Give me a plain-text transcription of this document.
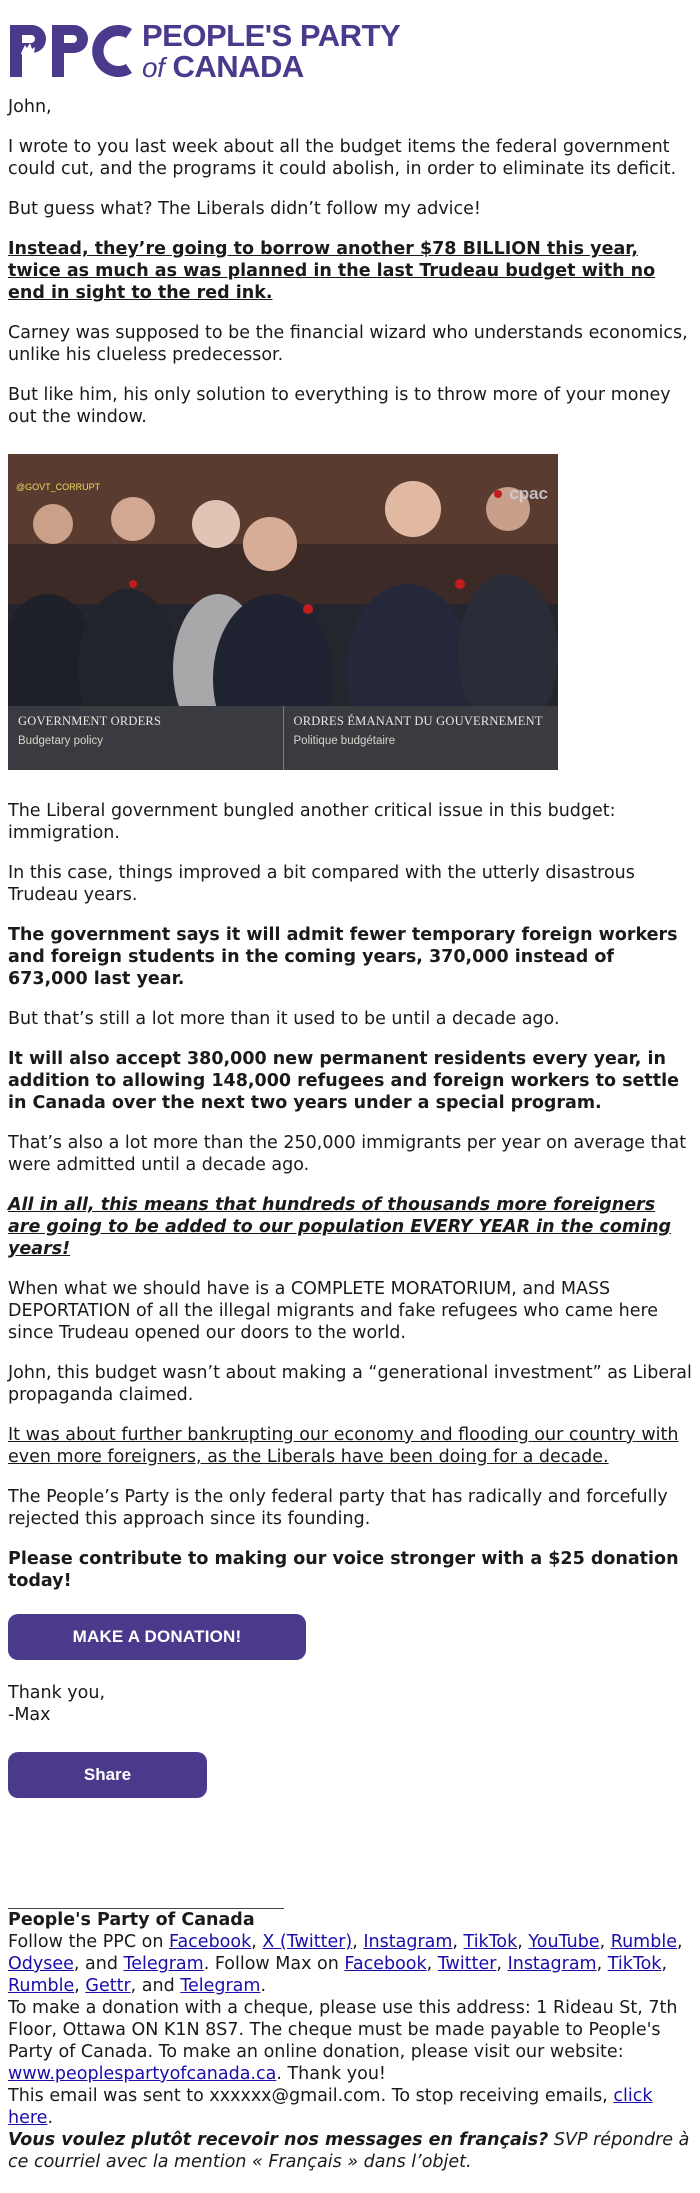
PEOPLE'S PARTY
of CANADA

John,

I wrote to you last week about all the budget items the federal government could cut, and the programs it could abolish, in order to eliminate its deficit.

But guess what? The Liberals didn’t follow my advice!

Instead, they’re going to borrow another $78 BILLION this year, twice as much as was planned in the last Trudeau budget with no end in sight to the red ink.

Carney was supposed to be the financial wizard who understands economics, unlike his clueless predecessor.

But like him, his only solution to everything is to throw more of your money out the window.

@GOVT_CORRUPT	cpac
GOVERNMENT ORDERS
Budgetary policy
ORDRES ÉMANANT DU GOUVERNEMENT
Politique budgétaire

The Liberal government bungled another critical issue in this budget: immigration.

In this case, things improved a bit compared with the utterly disastrous Trudeau years.

The government says it will admit fewer temporary foreign workers and foreign students in the coming years, 370,000 instead of 673,000 last year.

But that’s still a lot more than it used to be until a decade ago.

It will also accept 380,000 new permanent residents every year, in addition to allowing 148,000 refugees and foreign workers to settle in Canada over the next two years under a special program.

That’s also a lot more than the 250,000 immigrants per year on average that were admitted until a decade ago.

All in all, this means that hundreds of thousands more foreigners are going to be added to our population EVERY YEAR in the coming years!

When what we should have is a COMPLETE MORATORIUM, and MASS DEPORTATION of all the illegal migrants and fake refugees who came here since Trudeau opened our doors to the world.

John, this budget wasn’t about making a “generational investment” as Liberal propaganda claimed.

It was about further bankrupting our economy and flooding our country with even more foreigners, as the Liberals have been doing for a decade.

The People’s Party is the only federal party that has radically and forcefully rejected this approach since its founding.

Please contribute to making our voice stronger with a $25 donation today!

MAKE A DONATION!

Thank you,

-Max

Share

People's Party of Canada

Follow the PPC on Facebook, X (Twitter), Instagram, TikTok, YouTube, Rumble, Odysee, and Telegram. Follow Max on Facebook, Twitter, Instagram, TikTok, Rumble, Gettr, and Telegram.

To make a donation with a cheque, please use this address: 1 Rideau St, 7th Floor, Ottawa ON K1N 8S7. The cheque must be made payable to People's Party of Canada. To make an online donation, please visit our website: www.peoplespartyofcanada.ca. Thank you!

This email was sent to xxxxxx@gmail.com. To stop receiving emails, click here.

Vous voulez plutôt recevoir nos messages en français? SVP répondre à ce courriel avec la mention « Français » dans l’objet.
